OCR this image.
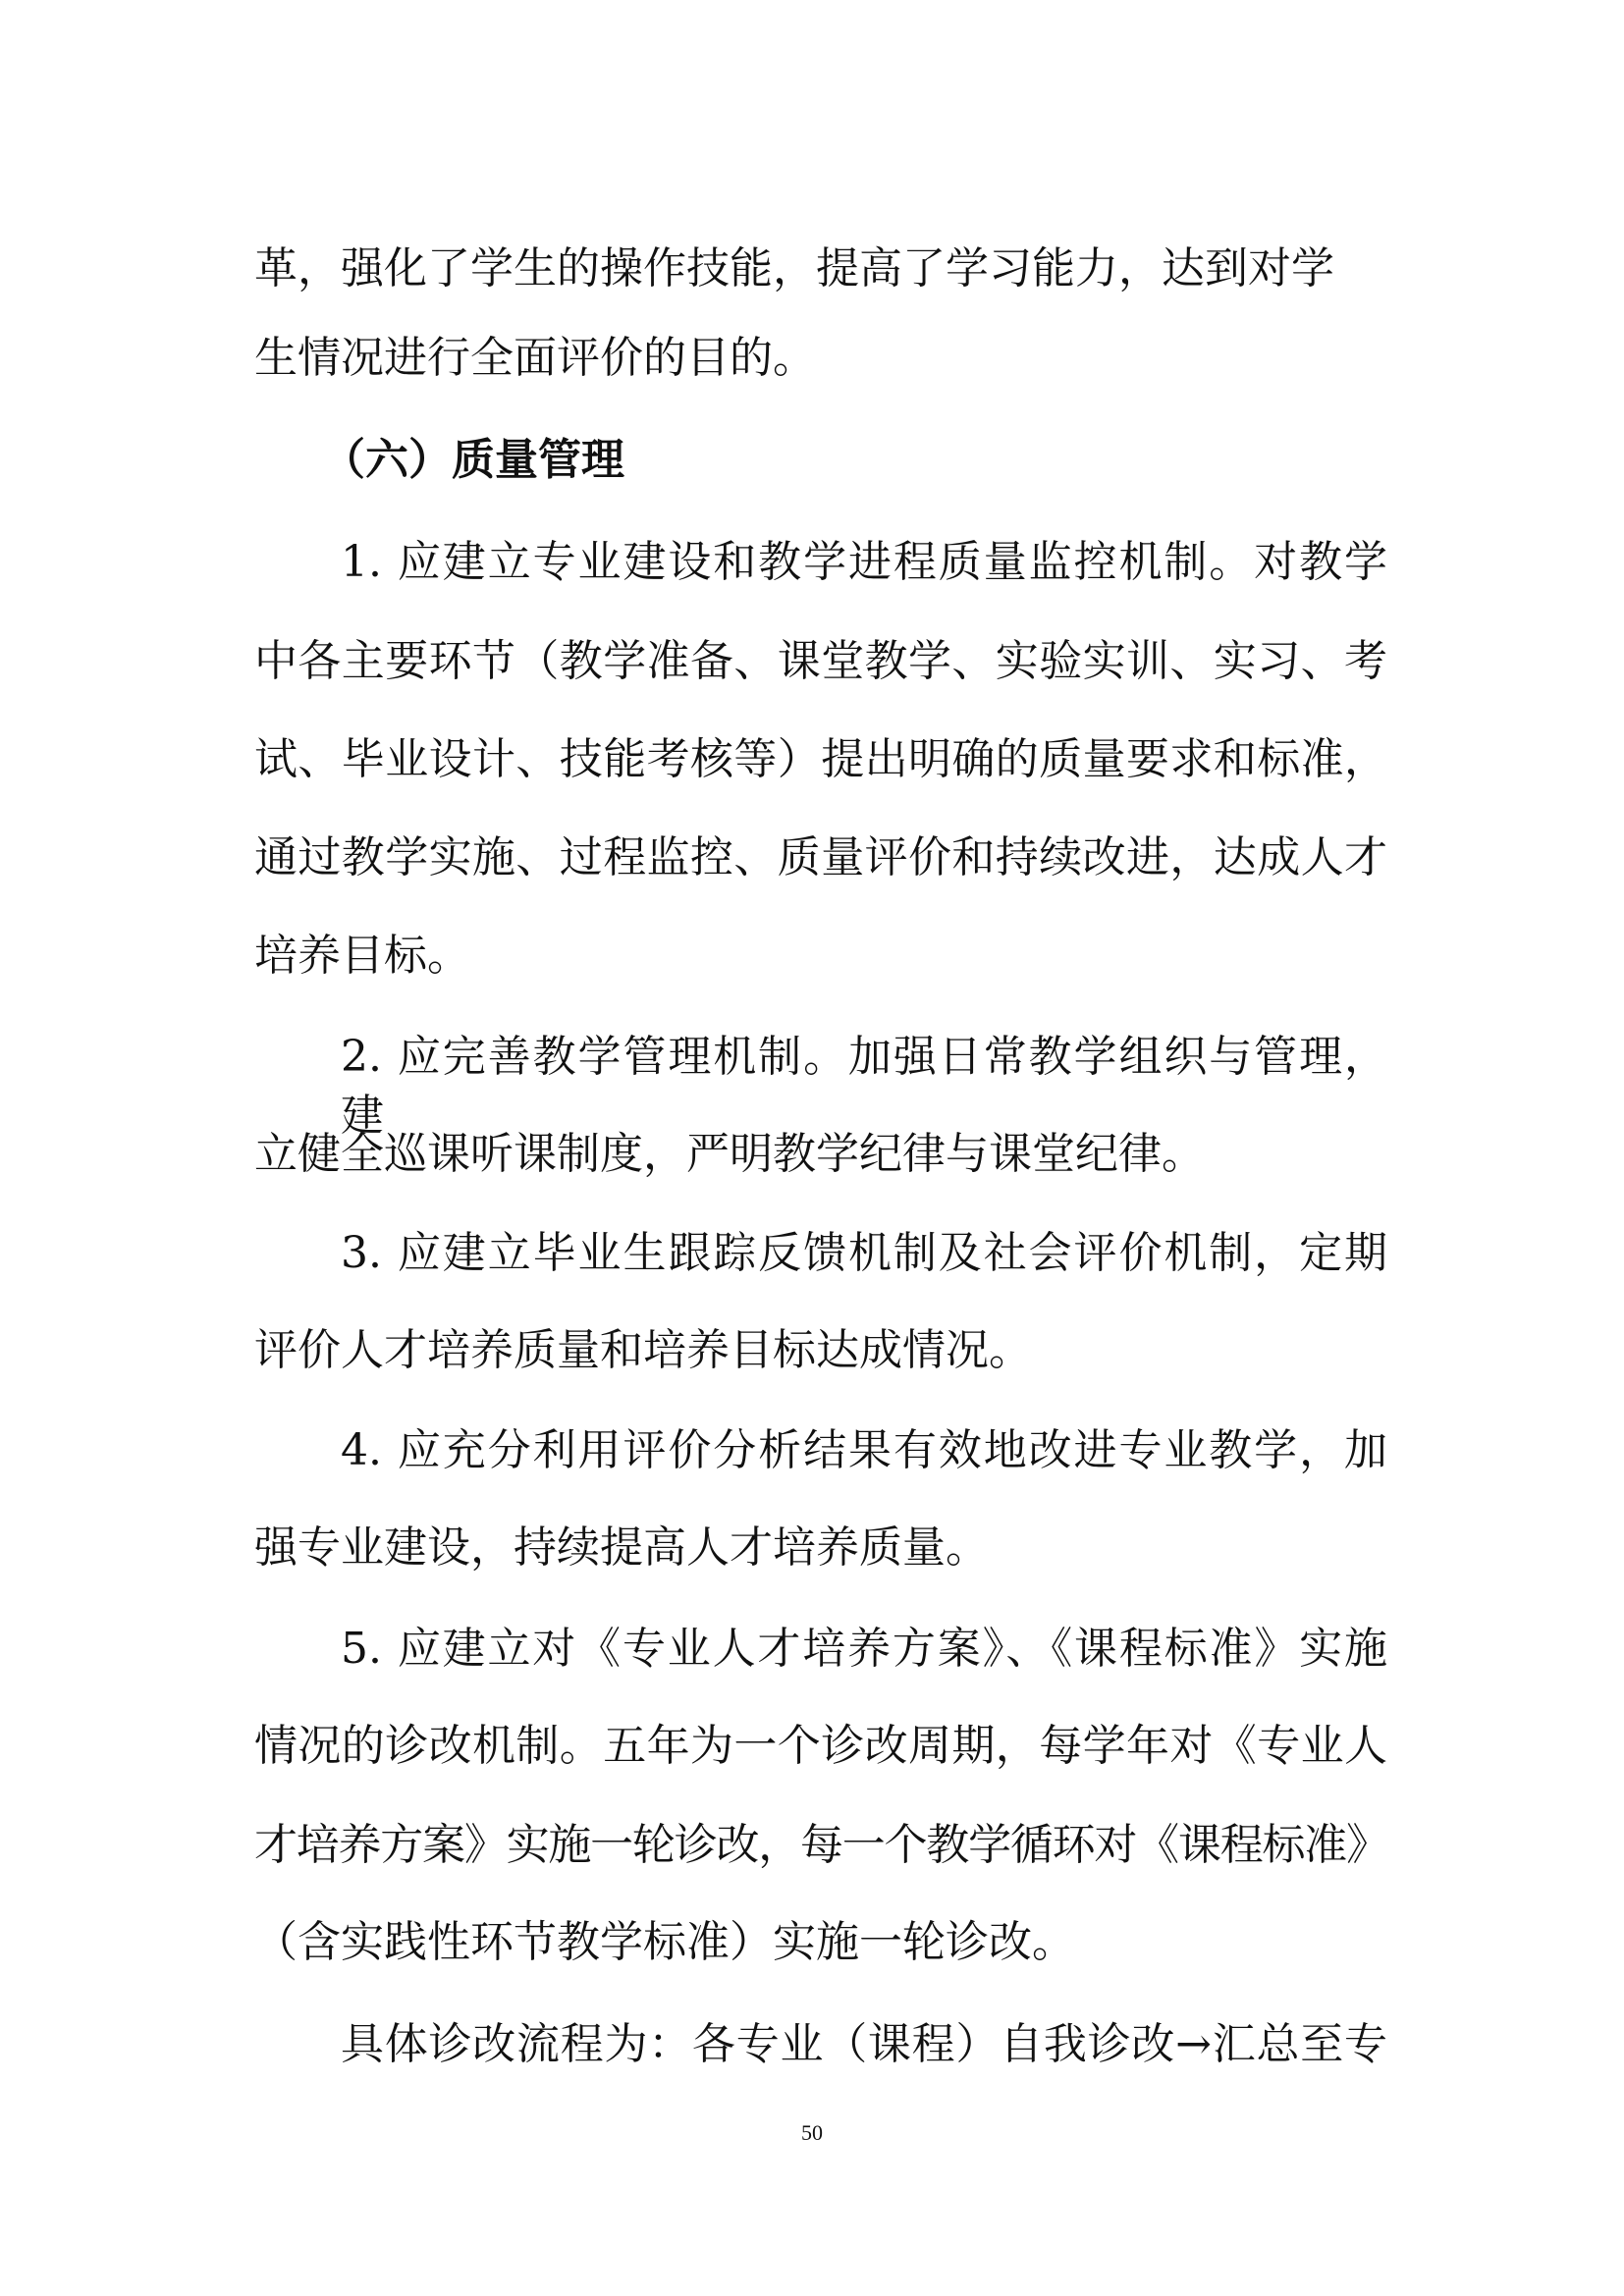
革，强化了学生的操作技能，提高了学习能力，达到对学
生情况进行全面评价的目的。
（六）质量管理
1. 应建立专业建设和教学进程质量监控机制。对教学
中各主要环节（教学准备、课堂教学、实验实训、实习、考
试、毕业设计、技能考核等）提出明确的质量要求和标准，
通过教学实施、过程监控、质量评价和持续改进，达成人才
培养目标。
2. 应完善教学管理机制。加强日常教学组织与管理，建
立健全巡课听课制度，严明教学纪律与课堂纪律。
3. 应建立毕业生跟踪反馈机制及社会评价机制，定期
评价人才培养质量和培养目标达成情况。
4. 应充分利用评价分析结果有效地改进专业教学，加
强专业建设，持续提高人才培养质量。
5. 应建立对《专业人才培养方案》、《课程标准》实施
情况的诊改机制。五年为一个诊改周期，每学年对《专业人
才培养方案》实施一轮诊改，每一个教学循环对《课程标准》
（含实践性环节教学标准）实施一轮诊改。
具体诊改流程为：各专业（课程）自我诊改→汇总至专
50
